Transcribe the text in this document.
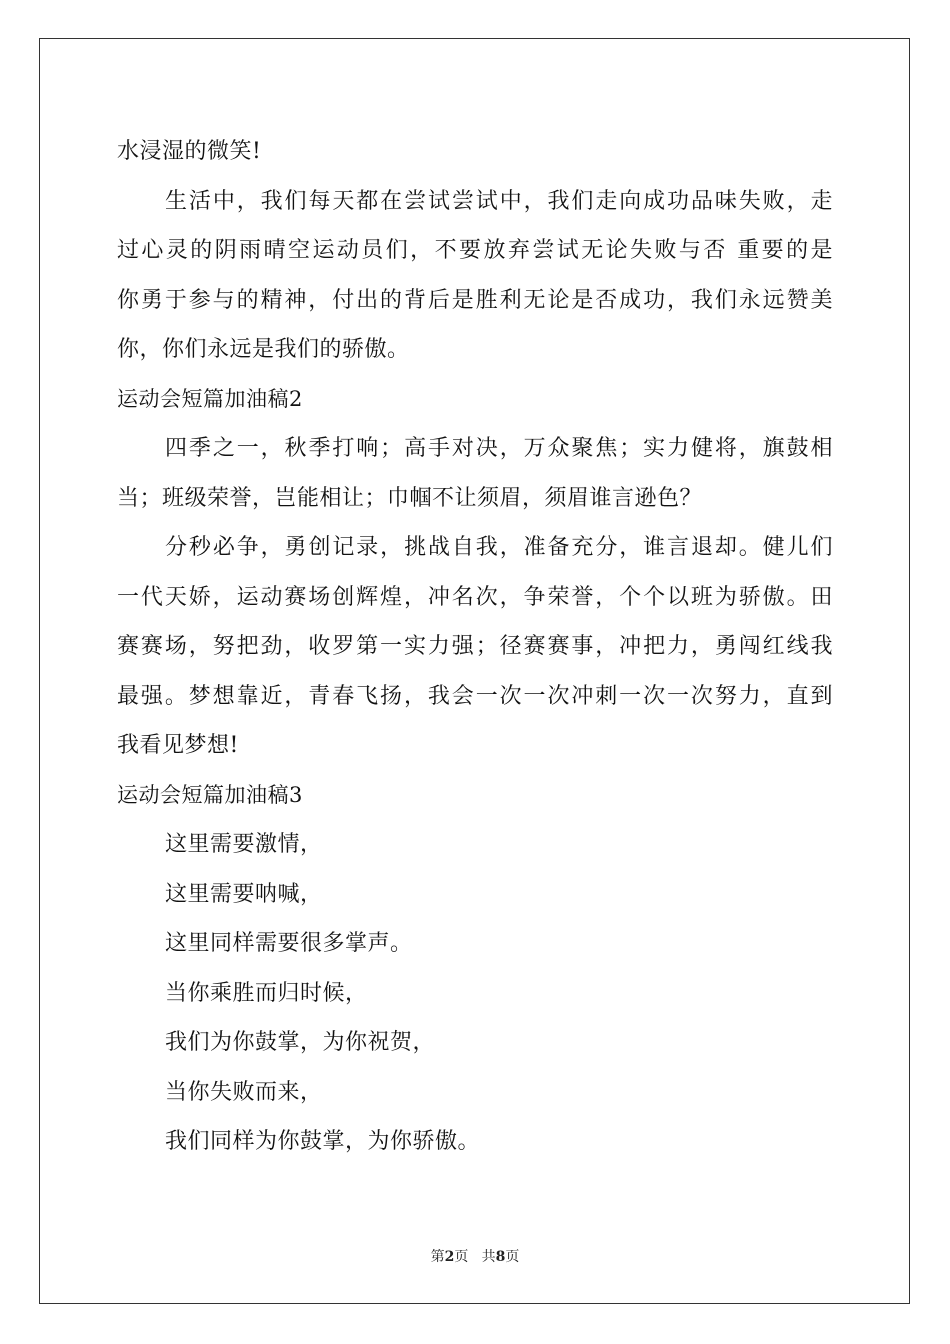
水浸湿的微笑!
生活中，我们每天都在尝试尝试中，我们走向成功品味失败，走
过心灵的阴雨晴空运动员们，不要放弃尝试无论失败与否 重要的是
你勇于参与的精神，付出的背后是胜利无论是否成功，我们永远赞美
你，你们永远是我们的骄傲。
运动会短篇加油稿2
四季之一，秋季打响；高手对决，万众聚焦；实力健将，旗鼓相
当；班级荣誉，岂能相让；巾帼不让须眉，须眉谁言逊色？
分秒必争，勇创记录，挑战自我，准备充分，谁言退却。健儿们
一代天娇，运动赛场创辉煌，冲名次，争荣誉，个个以班为骄傲。田
赛赛场，努把劲，收罗第一实力强；径赛赛事，冲把力，勇闯红线我
最强。梦想靠近，青春飞扬，我会一次一次冲刺一次一次努力，直到
我看见梦想!
运动会短篇加油稿3
这里需要激情，
这里需要呐喊，
这里同样需要很多掌声。
当你乘胜而归时候，
我们为你鼓掌，为你祝贺，
当你失败而来，
我们同样为你鼓掌，为你骄傲。
第2页 共8页
